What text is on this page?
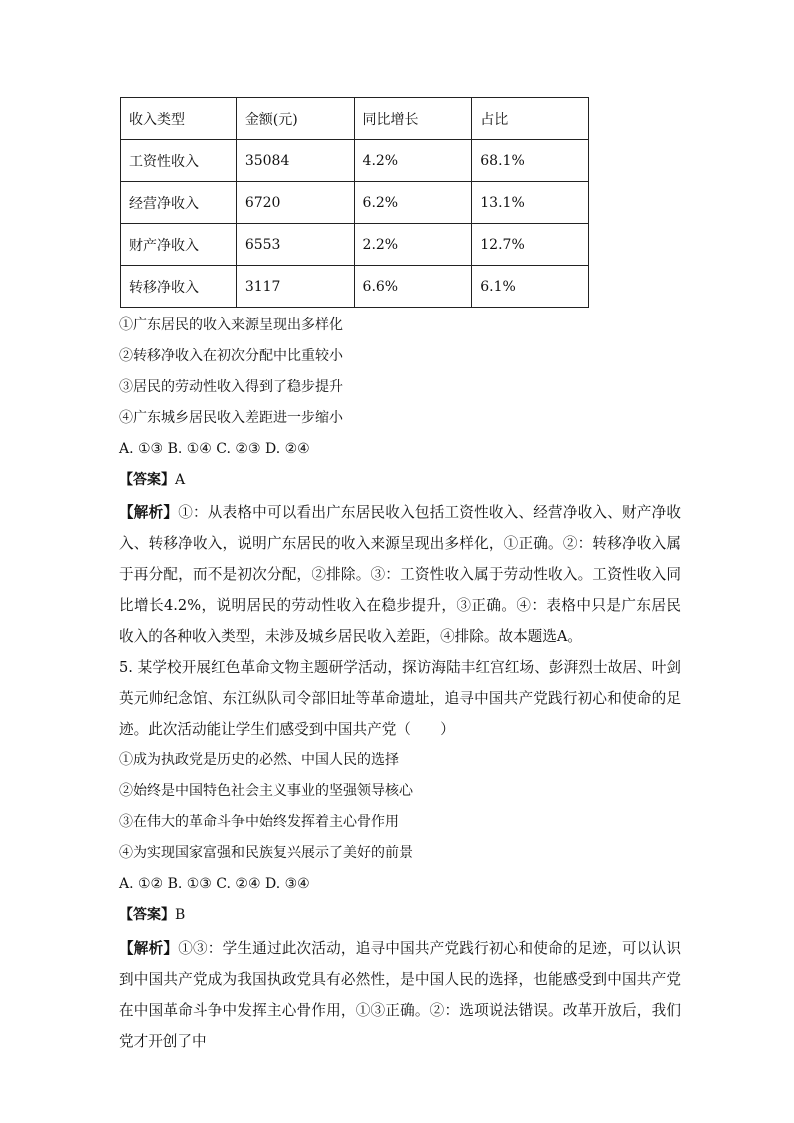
收入类型	金额(元)	同比增长	占比
工资性收入	35084	4.2%	68.1%
经营净收入	6720	6.2%	13.1%
财产净收入	6553	2.2%	12.7%
转移净收入	3117	6.6%	6.1%
①广东居民的收入来源呈现出多样化
②转移净收入在初次分配中比重较小
③居民的劳动性收入得到了稳步提升
④广东城乡居民收入差距进一步缩小
A. ①③ B. ①④ C. ②③ D. ②④
【答案】A

【解析】①：从表格中可以看出广东居民收入包括工资性收入、经营净收入、财产净收入、转移净收入，说明广东居民的收入来源呈现出多样化，①正确。②：转移净收入属于再分配，而不是初次分配，②排除。③：工资性收入属于劳动性收入。工资性收入同比增长4.2%，说明居民的劳动性收入在稳步提升，③正确。④：表格中只是广东居民收入的各种收入类型，未涉及城乡居民收入差距，④排除。故本题选A。

5. 某学校开展红色革命文物主题研学活动，探访海陆丰红宫红场、彭湃烈士故居、叶剑英元帅纪念馆、东江纵队司令部旧址等革命遗址，追寻中国共产党践行初心和使命的足迹。此次活动能让学生们感受到中国共产党（　　）

①成为执政党是历史的必然、中国人民的选择
②始终是中国特色社会主义事业的坚强领导核心
③在伟大的革命斗争中始终发挥着主心骨作用
④为实现国家富强和民族复兴展示了美好的前景
A. ①② B. ①③ C. ②④ D. ③④
【答案】B

【解析】①③：学生通过此次活动，追寻中国共产党践行初心和使命的足迹，可以认识到中国共产党成为我国执政党具有必然性，是中国人民的选择，也能感受到中国共产党在中国革命斗争中发挥主心骨作用，①③正确。②：选项说法错误。改革开放后，我们党才开创了中
